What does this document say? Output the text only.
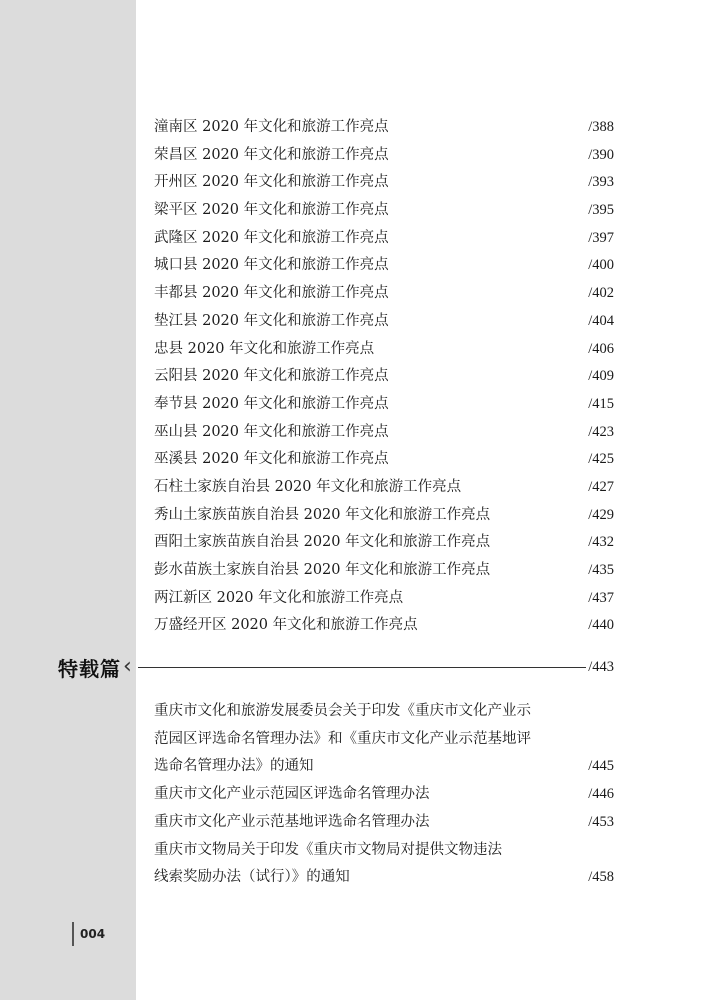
潼南区 2020 年文化和旅游工作亮点	/388
荣昌区 2020 年文化和旅游工作亮点	/390
开州区 2020 年文化和旅游工作亮点	/393
梁平区 2020 年文化和旅游工作亮点	/395
武隆区 2020 年文化和旅游工作亮点	/397
城口县 2020 年文化和旅游工作亮点	/400
丰都县 2020 年文化和旅游工作亮点	/402
垫江县 2020 年文化和旅游工作亮点	/404
忠县 2020 年文化和旅游工作亮点	/406
云阳县 2020 年文化和旅游工作亮点	/409
奉节县 2020 年文化和旅游工作亮点	/415
巫山县 2020 年文化和旅游工作亮点	/423
巫溪县 2020 年文化和旅游工作亮点	/425
石柱土家族自治县 2020 年文化和旅游工作亮点	/427
秀山土家族苗族自治县 2020 年文化和旅游工作亮点	/429
酉阳土家族苗族自治县 2020 年文化和旅游工作亮点	/432
彭水苗族土家族自治县 2020 年文化和旅游工作亮点	/435
两江新区 2020 年文化和旅游工作亮点	/437
万盛经开区 2020 年文化和旅游工作亮点	/440
特载篇 ‹	/443
重庆市文化和旅游发展委员会关于印发《重庆市文化产业示
范园区评选命名管理办法》和《重庆市文化产业示范基地评
选命名管理办法》的通知	/445
重庆市文化产业示范园区评选命名管理办法	/446
重庆市文化产业示范基地评选命名管理办法	/453
重庆市文物局关于印发《重庆市文物局对提供文物违法
线索奖励办法（试行）》的通知	/458
004
